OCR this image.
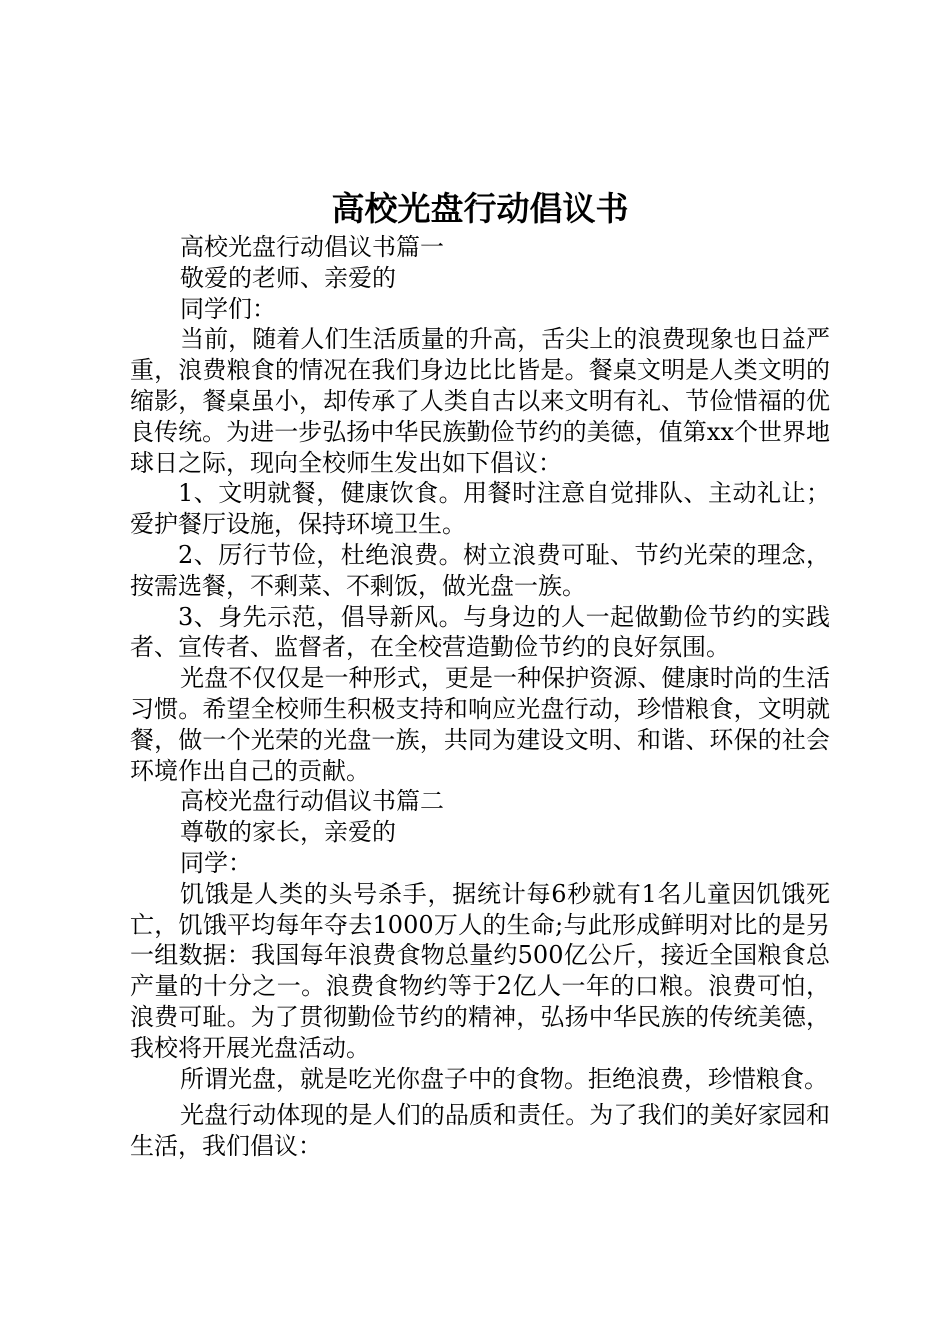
高校光盘行动倡议书

高校光盘行动倡议书篇一

敬爱的老师、亲爱的

同学们：

当前，随着人们生活质量的升高，舌尖上的浪费现象也日益严重，浪费粮食的情况在我们身边比比皆是。餐桌文明是人类文明的缩影，餐桌虽小，却传承了人类自古以来文明有礼、节俭惜福的优良传统。为进一步弘扬中华民族勤俭节约的美德，值第xx个世界地球日之际，现向全校师生发出如下倡议：

1、文明就餐，健康饮食。用餐时注意自觉排队、主动礼让；爱护餐厅设施，保持环境卫生。

2、厉行节俭，杜绝浪费。树立浪费可耻、节约光荣的理念，按需选餐，不剩菜、不剩饭，做光盘一族。

3、身先示范，倡导新风。与身边的人一起做勤俭节约的实践者、宣传者、监督者，在全校营造勤俭节约的良好氛围。

光盘不仅仅是一种形式，更是一种保护资源、健康时尚的生活习惯。希望全校师生积极支持和响应光盘行动，珍惜粮食，文明就餐，做一个光荣的光盘一族，共同为建设文明、和谐、环保的社会环境作出自己的贡献。

高校光盘行动倡议书篇二

尊敬的家长，亲爱的

同学：

饥饿是人类的头号杀手，据统计每6秒就有1名儿童因饥饿死亡，饥饿平均每年夺去1000万人的生命;与此形成鲜明对比的是另一组数据：我国每年浪费食物总量约500亿公斤，接近全国粮食总产量的十分之一。浪费食物约等于2亿人一年的口粮。浪费可怕，浪费可耻。为了贯彻勤俭节约的精神，弘扬中华民族的传统美德，我校将开展光盘活动。

所谓光盘，就是吃光你盘子中的食物。拒绝浪费，珍惜粮食。

光盘行动体现的是人们的品质和责任。为了我们的美好家园和生活，我们倡议：
